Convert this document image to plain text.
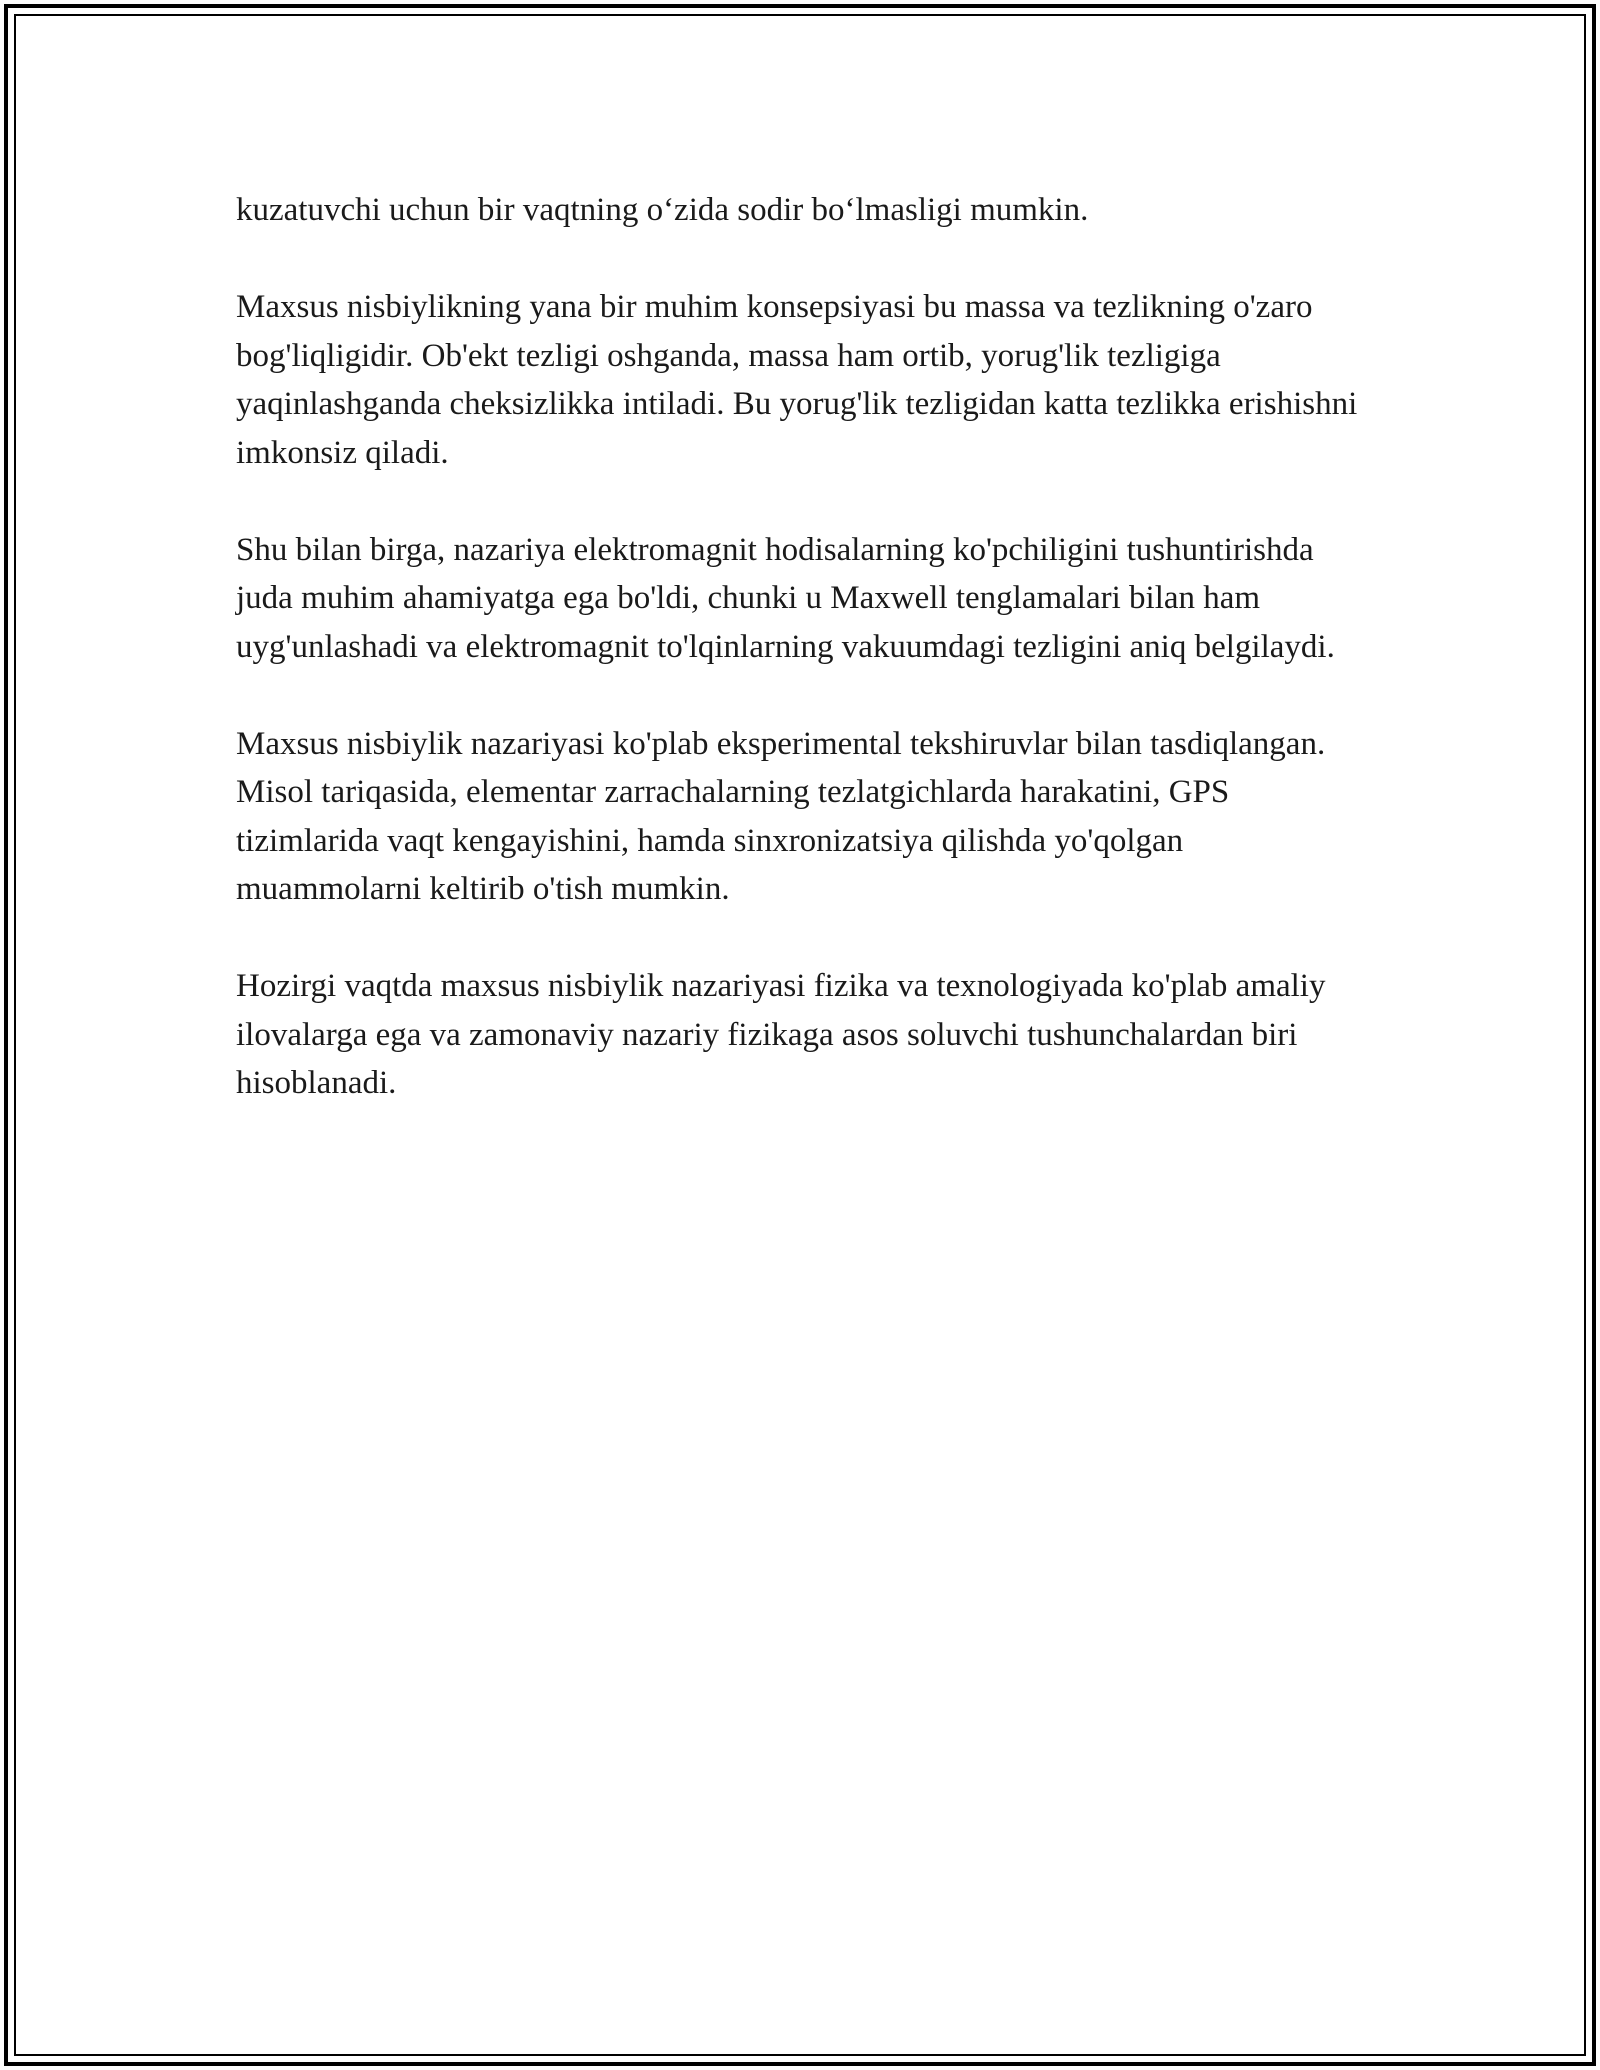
kuzatuvchi uchun bir vaqtning o‘zida sodir bo‘lmasligi mumkin.

Maxsus nisbiylikning yana bir muhim konsepsiyasi bu massa va tezlikning o'zaro bog'liqligidir. Ob'ekt tezligi oshganda, massa ham ortib, yorug'lik tezligiga yaqinlashganda cheksizlikka intiladi. Bu yorug'lik tezligidan katta tezlikka erishishni imkonsiz qiladi.

Shu bilan birga, nazariya elektromagnit hodisalarning ko'pchiligini tushuntirishda juda muhim ahamiyatga ega bo'ldi, chunki u Maxwell tenglamalari bilan ham uyg'unlashadi va elektromagnit to'lqinlarning vakuumdagi tezligini aniq belgilaydi.

Maxsus nisbiylik nazariyasi ko'plab eksperimental tekshiruvlar bilan tasdiqlangan. Misol tariqasida, elementar zarrachalarning tezlatgichlarda harakatini, GPS tizimlarida vaqt kengayishini, hamda sinxronizatsiya qilishda yo'qolgan muammolarni keltirib o'tish mumkin.

Hozirgi vaqtda maxsus nisbiylik nazariyasi fizika va texnologiyada ko'plab amaliy ilovalarga ega va zamonaviy nazariy fizikaga asos soluvchi tushunchalardan biri hisoblanadi.
